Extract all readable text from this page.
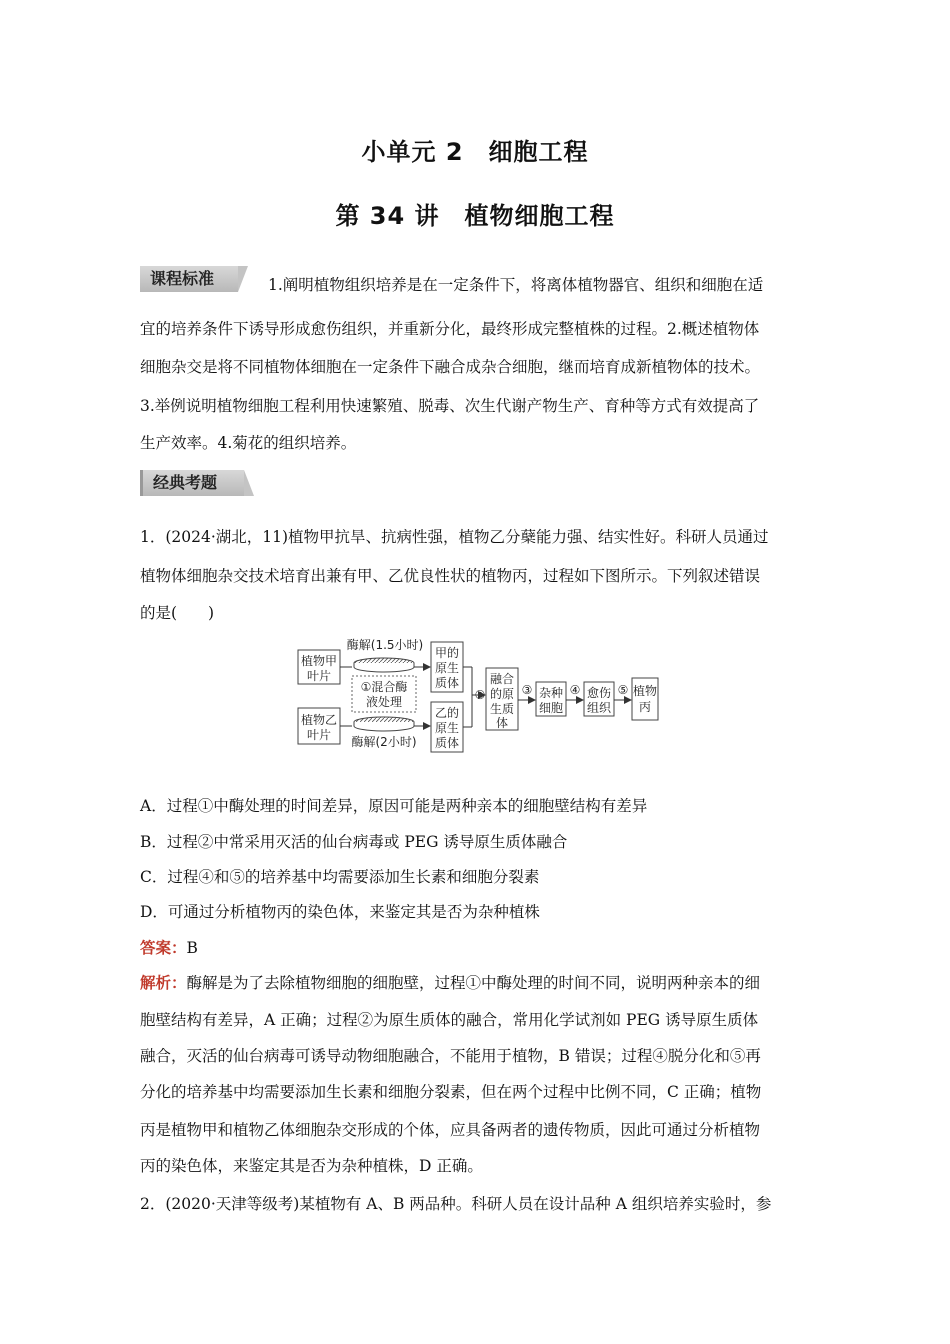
小单元 2　细胞工程
第 34 讲　植物细胞工程
课程标准	1.阐明植物组织培养是在一定条件下，将离体植物器官、组织和细胞在适
宜的培养条件下诱导形成愈伤组织，并重新分化，最终形成完整植株的过程。2.概述植物体
细胞杂交是将不同植物体细胞在一定条件下融合成杂合细胞，继而培育成新植物体的技术。
3.举例说明植物细胞工程利用快速繁殖、脱毒、次生代谢产物生产、育种等方式有效提高了
生产效率。4.菊花的组织培养。
经典考题
1．(2024·湖北，11)植物甲抗旱、抗病性强，植物乙分蘖能力强、结实性好。科研人员通过
植物体细胞杂交技术培育出兼有甲、乙优良性状的植物丙，过程如下图所示。下列叙述错误
的是(　　)
植物甲
叶片
植物乙
叶片
酶解(1.5小时)
①混合酶
液处理
酶解(2小时)
甲的
原生
质体
乙的
原生
质体
②
融合
的原
生质
体
③ 杂种
细胞
④ 愈伤
组织
⑤ 植物
丙
A．过程①中酶处理的时间差异，原因可能是两种亲本的细胞壁结构有差异
B．过程②中常采用灭活的仙台病毒或 PEG 诱导原生质体融合
C．过程④和⑤的培养基中均需要添加生长素和细胞分裂素
D．可通过分析植物丙的染色体，来鉴定其是否为杂种植株
答案：B
解析：酶解是为了去除植物细胞的细胞壁，过程①中酶处理的时间不同，说明两种亲本的细
胞壁结构有差异，A 正确；过程②为原生质体的融合，常用化学试剂如 PEG 诱导原生质体
融合，灭活的仙台病毒可诱导动物细胞融合，不能用于植物，B 错误；过程④脱分化和⑤再
分化的培养基中均需要添加生长素和细胞分裂素，但在两个过程中比例不同，C 正确；植物
丙是植物甲和植物乙体细胞杂交形成的个体，应具备两者的遗传物质，因此可通过分析植物
丙的染色体，来鉴定其是否为杂种植株，D 正确。
2．(2020·天津等级考)某植物有 A、B 两品种。科研人员在设计品种 A 组织培养实验时，参
